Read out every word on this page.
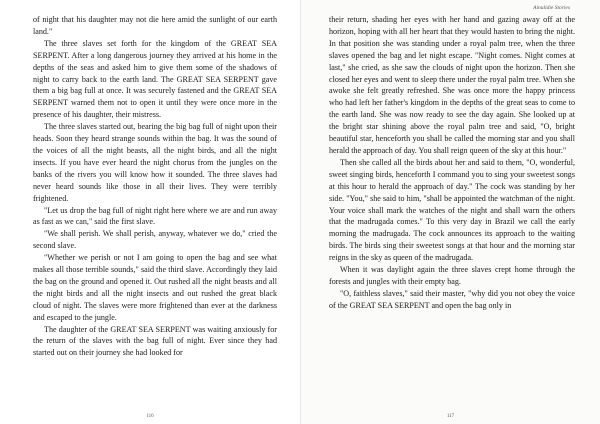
of night that his daughter may not die here amid the sunlight of our earth land."

The three slaves set forth for the kingdom of the GREAT SEA SERPENT. After a long dangerous journey they arrived at his home in the depths of the seas and asked him to give them some of the shadows of night to carry back to the earth land. The GREAT SEA SERPENT gave them a big bag full at once. It was securely fastened and the GREAT SEA SERPENT warned them not to open it until they were once more in the presence of his daughter, their mistress.

The three slaves started out, bearing the big bag full of night upon their heads. Soon they heard strange sounds within the bag. It was the sound of the voices of all the night beasts, all the night birds, and all the night insects. If you have ever heard the night chorus from the jungles on the banks of the rivers you will know how it sounded. The three slaves had never heard sounds like those in all their lives. They were terribly frightened.

"Let us drop the bag full of night right here where we are and run away as fast as we can," said the first slave.

"We shall perish. We shall perish, anyway, whatever we do," cried the second slave.

"Whether we perish or not I am going to open the bag and see what makes all those terrible sounds," said the third slave. Accordingly they laid the bag on the ground and opened it. Out rushed all the night beasts and all the night birds and all the night insects and out rushed the great black cloud of night. The slaves were more frightened than ever at the darkness and escaped to the jungle.

The daughter of the GREAT SEA SERPENT was waiting anxiously for the return of the slaves with the bag full of night. Ever since they had started out on their journey she had looked for

116
Ainulidie Stories

their return, shading her eyes with her hand and gazing away off at the horizon, hoping with all her heart that they would hasten to bring the night. In that position she was standing under a royal palm tree, when the three slaves opened the bag and let night escape. "Night comes. Night comes at last," she cried, as she saw the clouds of night upon the horizon. Then she closed her eyes and went to sleep there under the royal palm tree. When she awoke she felt greatly refreshed. She was once more the happy princess who had left her father's kingdom in the depths of the great seas to come to the earth land. She was now ready to see the day again. She looked up at the bright star shining above the royal palm tree and said, "O, bright beautiful star, henceforth you shall be called the morning star and you shall herald the approach of day. You shall reign queen of the sky at this hour."

Then she called all the birds about her and said to them, "O, wonderful, sweet singing birds, henceforth I command you to sing your sweetest songs at this hour to herald the approach of day." The cock was standing by her side. "You," she said to him, "shall be appointed the watchman of the night. Your voice shall mark the watches of the night and shall warn the others that the madrugada comes." To this very day in Brazil we call the early morning the madrugada. The cock announces its approach to the waiting birds. The birds sing their sweetest songs at that hour and the morning star reigns in the sky as queen of the madrugada.

When it was daylight again the three slaves crept home through the forests and jungles with their empty bag.

"O, faithless slaves," said their master, "why did you not obey the voice of the GREAT SEA SERPENT and open the bag only in

117
